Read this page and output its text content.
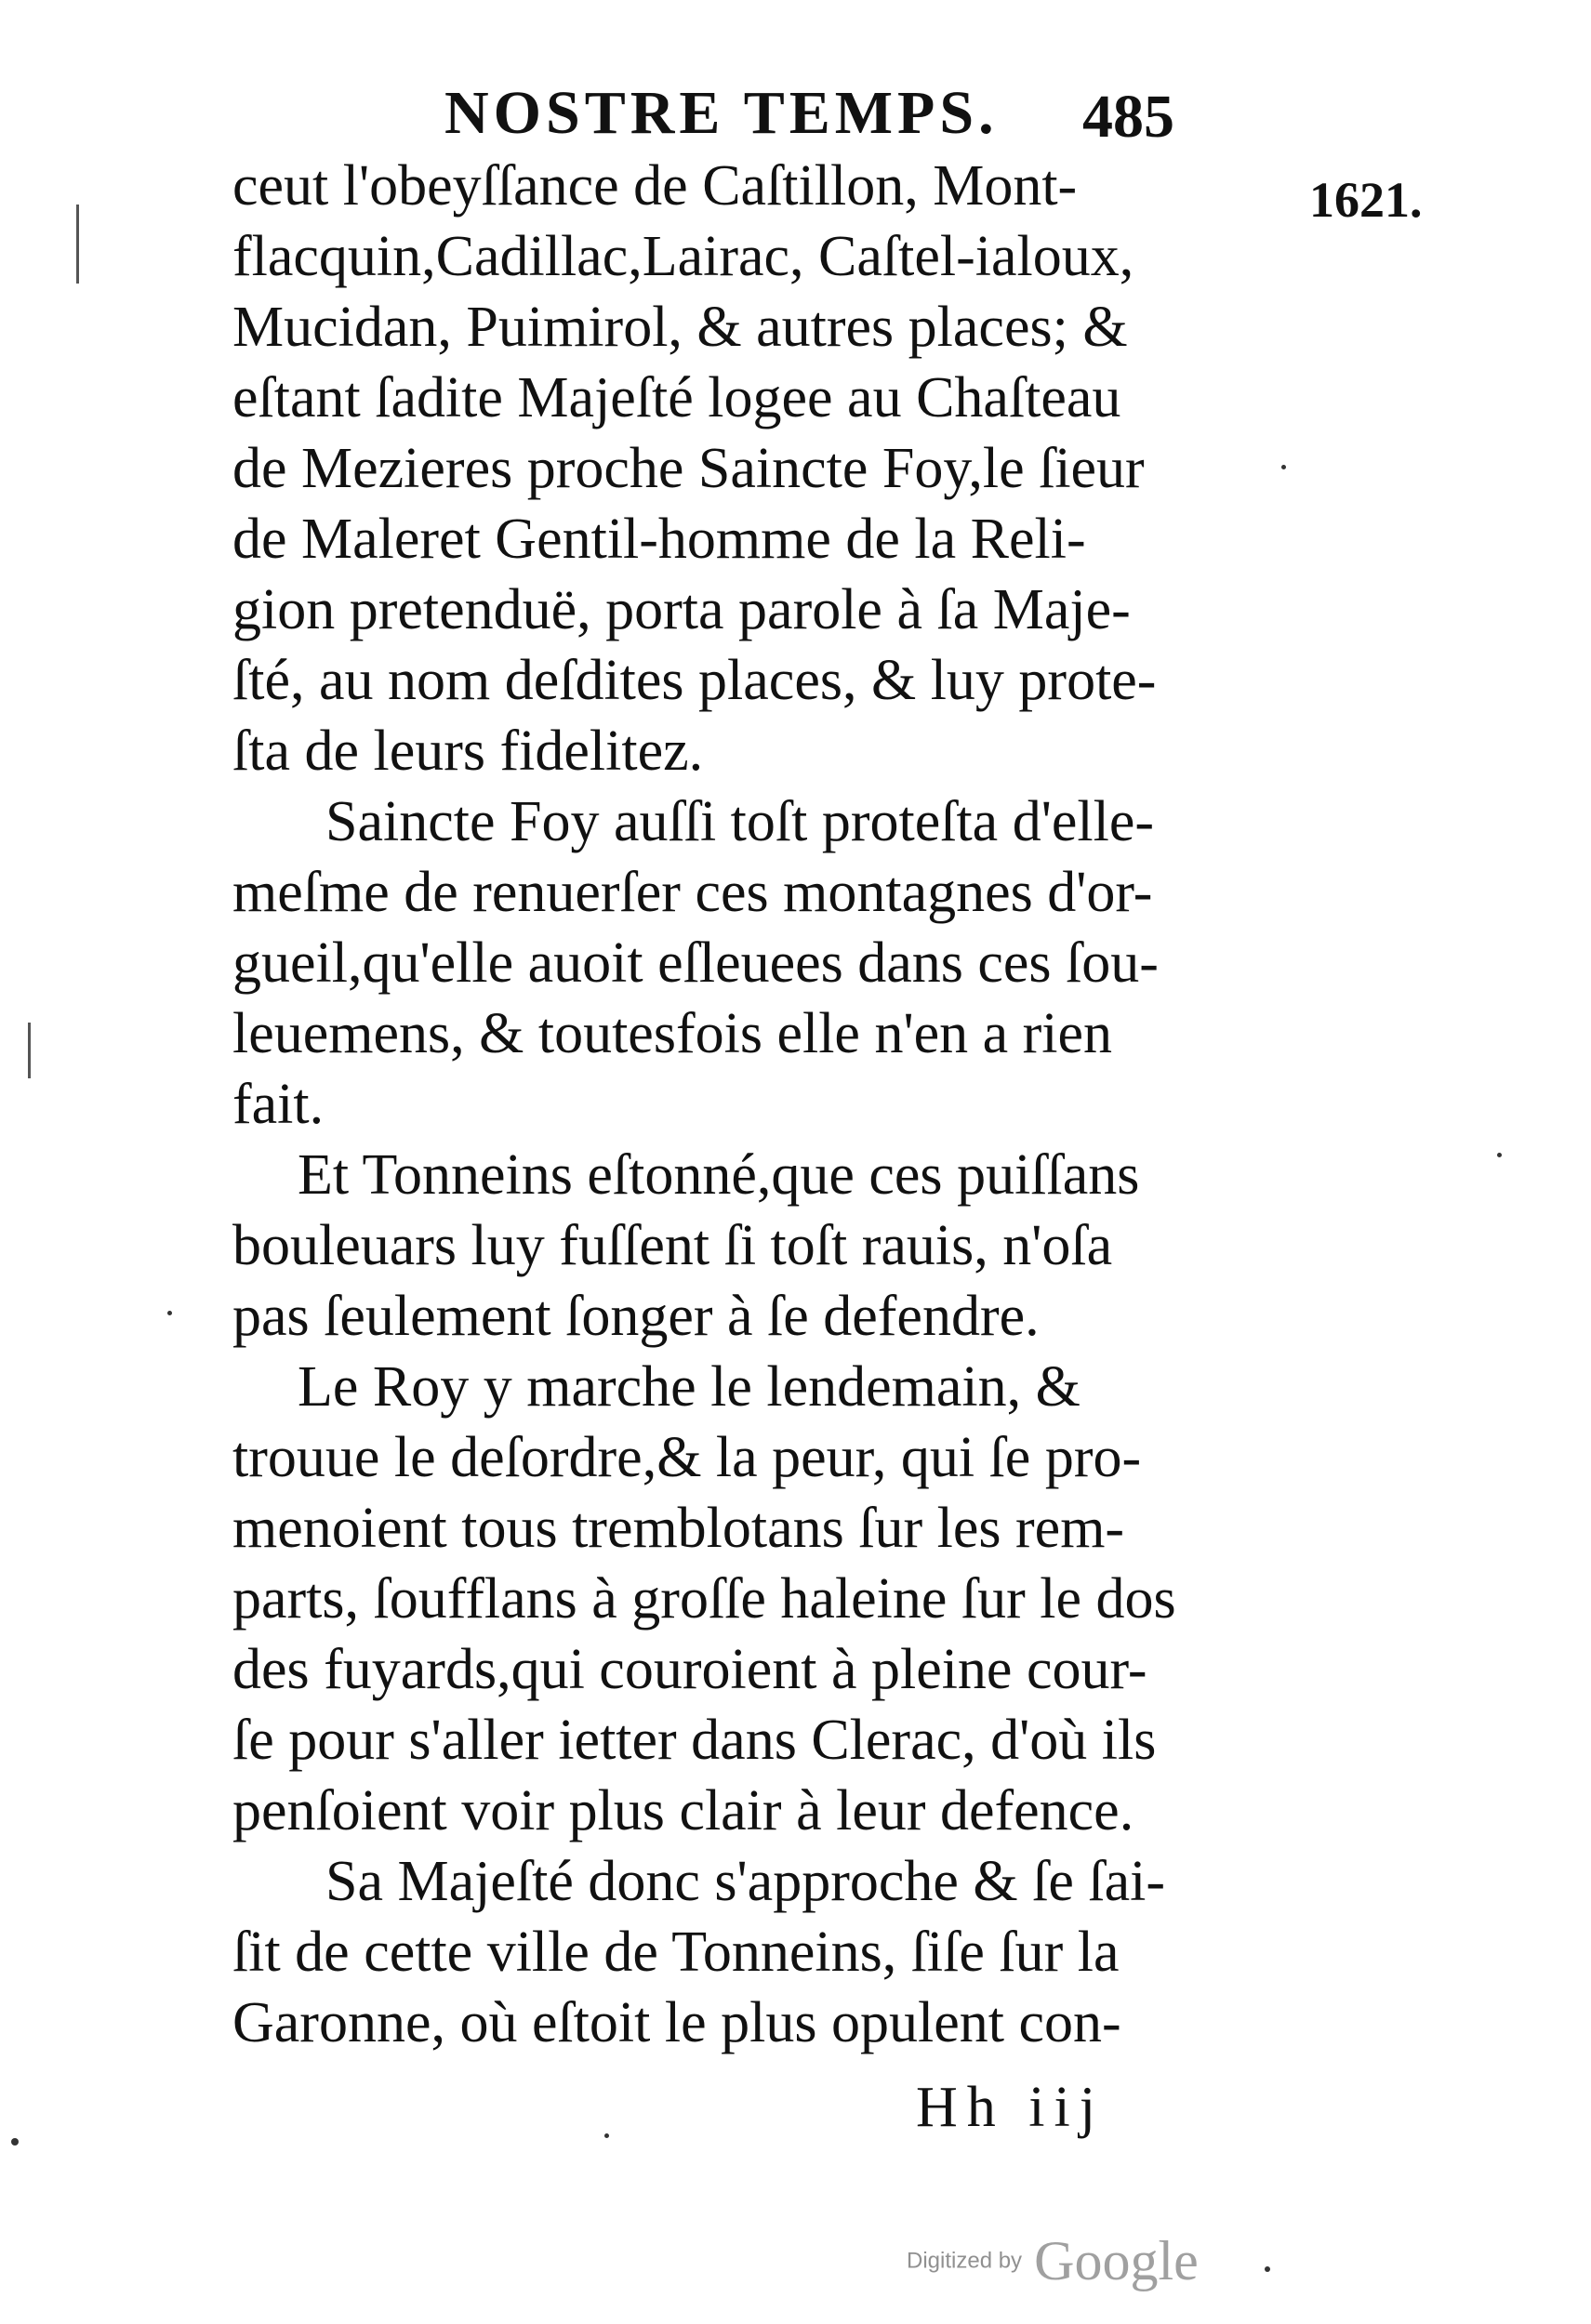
NOSTRE TEMPS. 485
1621.
ceut l'obeyſſance de Caſtillon, Mont-
flacquin,Cadillac,Lairac, Caſtel-ialoux,
Mucidan, Puimirol, & autres places; &
eſtant ſadite Majeſté logee au Chaſteau
de Mezieres proche Saincte Foy,le ſieur
de Maleret Gentil-homme de la Reli-
gion pretenduë, porta parole à ſa Maje-
ſté, au nom deſdites places, & luy prote-
ſta de leurs fidelitez.
Saincte Foy auſſi toſt proteſta d'elle-
meſme de renuerſer ces montagnes d'or-
gueil,qu'elle auoit eſleuees dans ces ſou-
leuemens, & toutesfois elle n'en a rien
fait.
Et Tonneins eſtonné,que ces puiſſans
bouleuars luy fuſſent ſi toſt rauis, n'oſa
pas ſeulement ſonger à ſe defendre.
Le Roy y marche le lendemain, &
trouue le deſordre,& la peur, qui ſe pro-
menoient tous tremblotans ſur les rem-
parts, ſoufflans à groſſe haleine ſur le dos
des fuyards,qui couroient à pleine cour-
ſe pour s'aller ietter dans Clerac, d'où ils
penſoient voir plus clair à leur defence.
Sa Majeſté donc s'approche & ſe ſai-
ſit de cette ville de Tonneins, ſiſe ſur la
Garonne, où eſtoit le plus opulent con-
Hh iij
Digitized by Google
